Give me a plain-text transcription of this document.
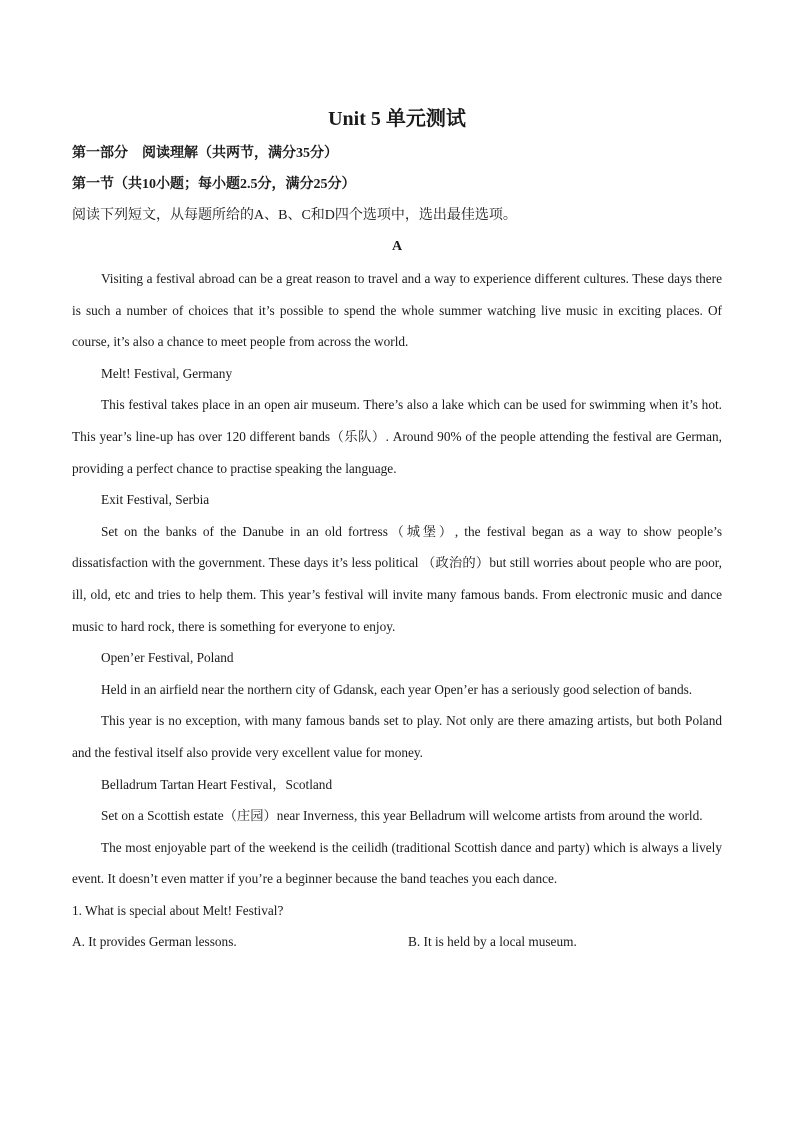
Unit 5 单元测试
第一部分　阅读理解（共两节，满分35分）
第一节（共10小题；每小题2.5分，满分25分）
阅读下列短文，从每题所给的A、B、C和D四个选项中，选出最佳选项。
A

Visiting a festival abroad can be a great reason to travel and a way to experience different cultures. These days there is such a number of choices that it’s possible to spend the whole summer watching live music in exciting places. Of course, it’s also a chance to meet people from across the world.

Melt! Festival, Germany

This festival takes place in an open air museum. There’s also a lake which can be used for swimming when it’s hot. This year’s line-up has over 120 different bands（乐队）. Around 90% of the people attending the festival are German, providing a perfect chance to practise speaking the language.

Exit Festival, Serbia

Set on the banks of the Danube in an old fortress（城堡）, the festival began as a way to show people’s dissatisfaction with the government. These days it’s less political （政治的）but still worries about people who are poor, ill, old, etc and tries to help them. This year’s festival will invite many famous bands. From electronic music and dance music to hard rock, there is something for everyone to enjoy.

Open’er Festival, Poland

Held in an airfield near the northern city of Gdansk, each year Open’er has a seriously good selection of bands.

This year is no exception, with many famous bands set to play. Not only are there amazing artists, but both Poland and the festival itself also provide very excellent value for money.

Belladrum Tartan Heart Festival，Scotland

Set on a Scottish estate（庄园）near Inverness, this year Belladrum will welcome artists from around the world.

The most enjoyable part of the weekend is the ceilidh (traditional Scottish dance and party) which is always a lively event. It doesn’t even matter if you’re a beginner because the band teaches you each dance.

1. What is special about Melt! Festival?

A. It provides German lessons.	B. It is held by a local museum.
